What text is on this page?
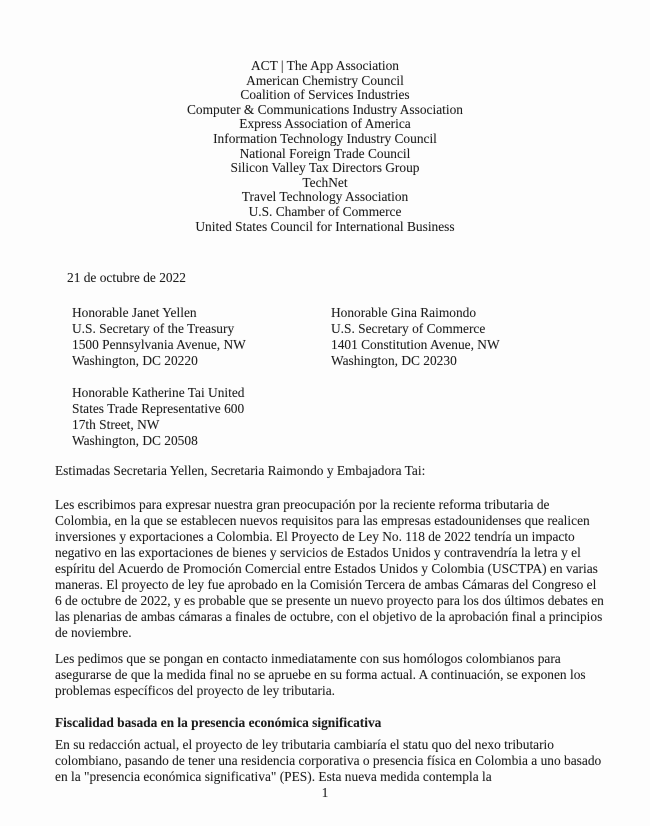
ACT | The App Association
American Chemistry Council
Coalition of Services Industries
Computer & Communications Industry Association
Express Association of America
Information Technology Industry Council
National Foreign Trade Council
Silicon Valley Tax Directors Group
TechNet
Travel Technology Association
U.S. Chamber of Commerce
United States Council for International Business
21 de octubre de 2022
Honorable Janet Yellen
U.S. Secretary of the Treasury
1500 Pennsylvania Avenue, NW
Washington, DC 20220
Honorable Gina Raimondo
U.S. Secretary of Commerce
1401 Constitution Avenue, NW
Washington, DC 20230
Honorable Katherine Tai United
States Trade Representative 600
17th Street, NW
Washington, DC 20508
Estimadas Secretaria Yellen, Secretaria Raimondo y Embajadora Tai:
Les escribimos para expresar nuestra gran preocupación por la reciente reforma tributaria de Colombia, en la que se establecen nuevos requisitos para las empresas estadounidenses que realicen inversiones y exportaciones a Colombia. El Proyecto de Ley No. 118 de 2022 tendría un impacto negativo en las exportaciones de bienes y servicios de Estados Unidos y contravendría la letra y el espíritu del Acuerdo de Promoción Comercial entre Estados Unidos y Colombia (USCTPA) en varias maneras. El proyecto de ley fue aprobado en la Comisión Tercera de ambas Cámaras del Congreso el 6 de octubre de 2022, y es probable que se presente un nuevo proyecto para los dos últimos debates en las plenarias de ambas cámaras a finales de octubre, con el objetivo de la aprobación final a principios de noviembre.
Les pedimos que se pongan en contacto inmediatamente con sus homólogos colombianos para asegurarse de que la medida final no se apruebe en su forma actual. A continuación, se exponen los problemas específicos del proyecto de ley tributaria.
Fiscalidad basada en la presencia económica significativa
En su redacción actual, el proyecto de ley tributaria cambiaría el statu quo del nexo tributario colombiano, pasando de tener una residencia corporativa o presencia física en Colombia a uno basado en la "presencia económica significativa" (PES). Esta nueva medida contempla la
1
